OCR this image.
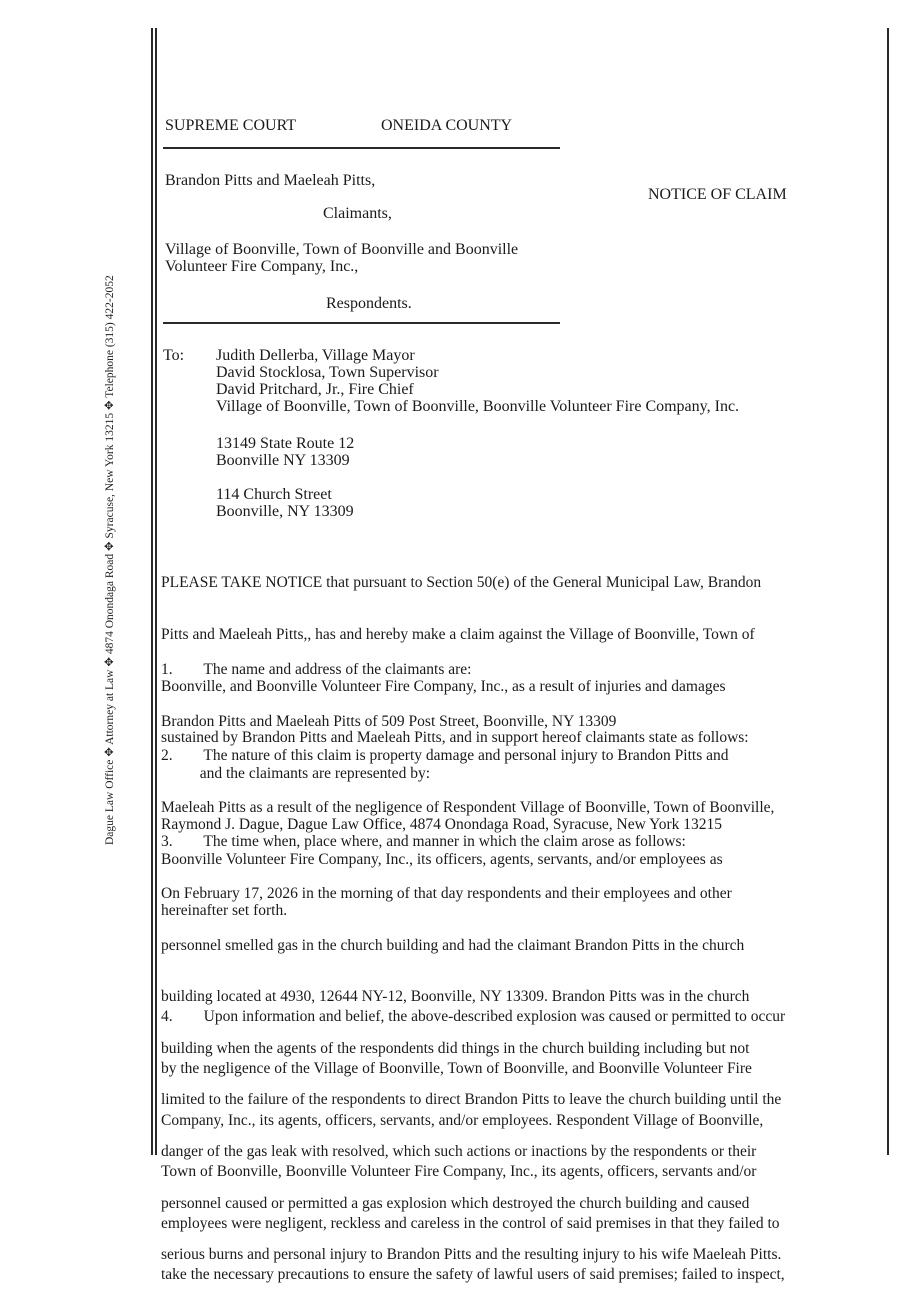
Dague Law Office ✥ Attorney at Law ✥ 4874 Onondaga Road ✥ Syracuse, New York 13215 ✥ Telephone (315) 422-2052
SUPREME COURT	ONEIDA COUNTY
Brandon Pitts and Maeleah Pitts,
NOTICE OF CLAIM
Claimants,
Village of Boonville, Town of Boonville and Boonville
Volunteer Fire Company, Inc.,
Respondents.
To: Judith Dellerba, Village Mayor
David Stocklosa, Town Supervisor
David Pritchard, Jr., Fire Chief
Village of Boonville, Town of Boonville, Boonville Volunteer Fire Company, Inc.
13149 State Route 12
Boonville NY 13309
114 Church Street
Boonville, NY 13309

PLEASE TAKE NOTICE that pursuant to Section 50(e) of the General Municipal Law, Brandon

Pitts and Maeleah Pitts,, has and hereby make a claim against the Village of Boonville, Town of

Boonville, and Boonville Volunteer Fire Company, Inc., as a result of injuries and damages

sustained by Brandon Pitts and Maeleah Pitts, and in support hereof claimants state as follows:

1.        The name and address of the claimants are:

Brandon Pitts and Maeleah Pitts of 509 Post Street, Boonville, NY 13309

and the claimants are represented by:

Raymond J. Dague, Dague Law Office, 4874 Onondaga Road, Syracuse, New York 13215

2.        The nature of this claim is property damage and personal injury to Brandon Pitts and

Maeleah Pitts as a result of the negligence of Respondent Village of Boonville, Town of Boonville,

Boonville Volunteer Fire Company, Inc., its officers, agents, servants, and/or employees as

hereinafter set forth.

3.        The time when, place where, and manner in which the claim arose as follows:

On February 17, 2026 in the morning of that day respondents and their employees and other

personnel smelled gas in the church building and had the claimant Brandon Pitts in the church

building located at 4930, 12644 NY-12, Boonville, NY 13309. Brandon Pitts was in the church

building when the agents of the respondents did things in the church building including but not

limited to the failure of the respondents to direct Brandon Pitts to leave the church building until the

danger of the gas leak with resolved, which such actions or inactions by the respondents or their

personnel caused or permitted a gas explosion which destroyed the church building and caused

serious burns and personal injury to Brandon Pitts and the resulting injury to his wife Maeleah Pitts.

4.        Upon information and belief, the above-described explosion was caused or permitted to occur

by the negligence of the Village of Boonville, Town of Boonville, and Boonville Volunteer Fire

Company, Inc., its agents, officers, servants, and/or employees. Respondent Village of Boonville,

Town of Boonville, Boonville Volunteer Fire Company, Inc., its agents, officers, servants and/or

employees were negligent, reckless and careless in the control of said premises in that they failed to

take the necessary precautions to ensure the safety of lawful users of said premises; failed to inspect,
